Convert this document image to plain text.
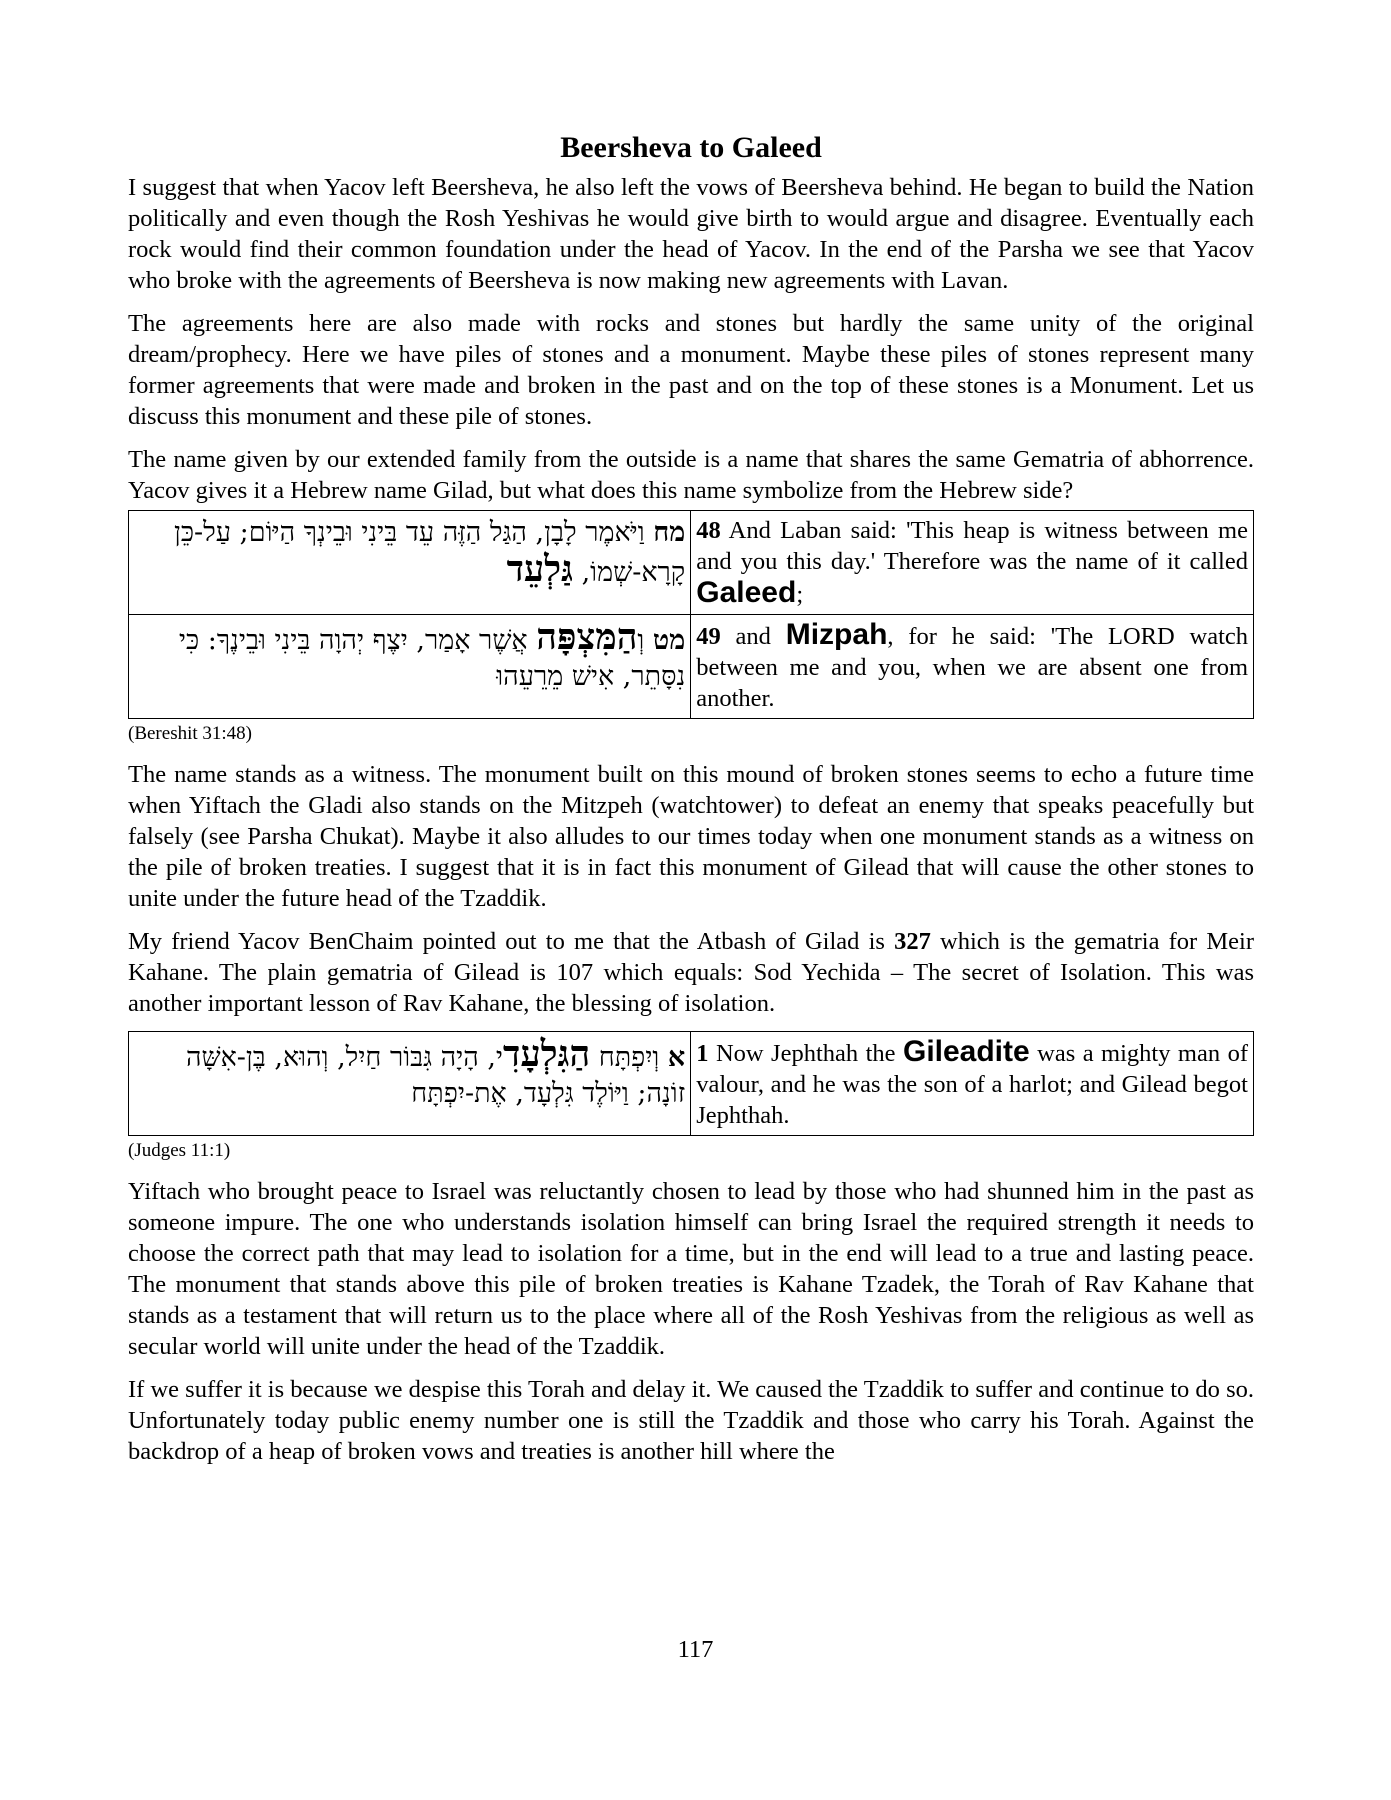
Beersheva to Galeed

I suggest that when Yacov left Beersheva, he also left the vows of Beersheva behind. He began to build the Nation politically and even though the Rosh Yeshivas he would give birth to would argue and disagree. Eventually each rock would find their common foundation under the head of Yacov. In the end of the Parsha we see that Yacov who broke with the agreements of Beersheva is now making new agreements with Lavan.

The agreements here are also made with rocks and stones but hardly the same unity of the original dream/prophecy. Here we have piles of stones and a monument. Maybe these piles of stones represent many former agreements that were made and broken in the past and on the top of these stones is a Monument. Let us discuss this monument and these pile of stones.

The name given by our extended family from the outside is a name that shares the same Gematria of abhorrence. Yacov gives it a Hebrew name Gilad, but what does this name symbolize from the Hebrew side?

מח וַיֹּאמֶר לָבָן, הַגַּל הַזֶּה עֵד בֵּינִי וּבֵינְךָ הַיּוֹם; עַל-כֵּן קָרָא-שְׁמוֹ, גַּלְעֵד	48 And Laban said: 'This heap is witness between me and you this day.' Therefore was the name of it called Galeed;
מט וְהַמִּצְפָּה אֲשֶׁר אָמַר, יִצֶף יְהוָה בֵּינִי וּבֵינֶךָ: כִּי נִסָּתֵר, אִישׁ מֵרֵעֵהוּ	49 and Mizpah, for he said: 'The LORD watch between me and you, when we are absent one from another.
(Bereshit 31:48)

The name stands as a witness. The monument built on this mound of broken stones seems to echo a future time when Yiftach the Gladi also stands on the Mitzpeh (watchtower) to defeat an enemy that speaks peacefully but falsely (see Parsha Chukat). Maybe it also alludes to our times today when one monument stands as a witness on the pile of broken treaties. I suggest that it is in fact this monument of Gilead that will cause the other stones to unite under the future head of the Tzaddik.

My friend Yacov BenChaim pointed out to me that the Atbash of Gilad is 327 which is the gematria for Meir Kahane. The plain gematria of Gilead is 107 which equals: Sod Yechida – The secret of Isolation. This was another important lesson of Rav Kahane, the blessing of isolation.

א וְיִפְתָּח הַגִּלְעָדִי, הָיָה גִּבּוֹר חַיִל, וְהוּא, בֶּן-אִשָּׁה זוֹנָה; וַיּוֹלֶד גִּלְעָד, אֶת-יִפְתָּח	1 Now Jephthah the Gileadite was a mighty man of valour, and he was the son of a harlot; and Gilead begot Jephthah.
(Judges 11:1)

Yiftach who brought peace to Israel was reluctantly chosen to lead by those who had shunned him in the past as someone impure. The one who understands isolation himself can bring Israel the required strength it needs to choose the correct path that may lead to isolation for a time, but in the end will lead to a true and lasting peace. The monument that stands above this pile of broken treaties is Kahane Tzadek, the Torah of Rav Kahane that stands as a testament that will return us to the place where all of the Rosh Yeshivas from the religious as well as secular world will unite under the head of the Tzaddik.

If we suffer it is because we despise this Torah and delay it. We caused the Tzaddik to suffer and continue to do so. Unfortunately today public enemy number one is still the Tzaddik and those who carry his Torah. Against the backdrop of a heap of broken vows and treaties is another hill where the

117
